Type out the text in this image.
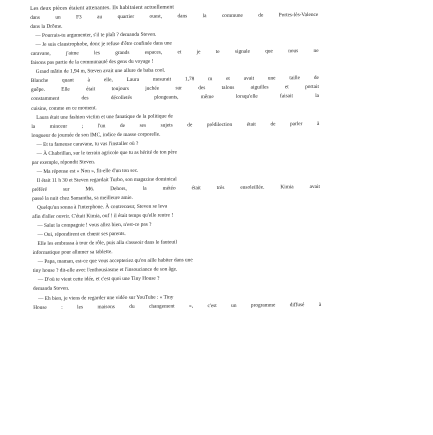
Les deux pièces étaient attenantes. Ils habitaient actuellement
dans un F3 au quartier ouest, dans la commune de Portes-lès-Valence
dans la Drôme.
— Pourrais-tu argumenter, s'il te plaît ? demanda Steven.
— Je suis claustrophobe, donc je refuse d'être confinée dans une
caravane, j'aime les grands espaces, et je te signale que nous ne
faisons pas partie de la communauté des gens du voyage !
Grand mâtin de 1,94 m, Steven avait une allure de baba cool.
Blanche quant à elle, Laura mesurait 1,78 m et avait une taille de
guêpe. Elle était toujours juchée sur des talons aiguilles et portait
constamment des décolletés plongeants, même lorsqu'elle faisait la
cuisine, comme en ce moment.
Laura était une fashion victim et une fanatique de la politique de
la minceur ; l'un de ses sujets de prédilection était de parler à
longueur de journée de son IMC, indice de masse corporelle.
— Et ta fameuse caravane, tu vas l'installer où ?
— À Chabrillan, sur le terrain agricole que tu as hérité de ton père
par exemple, répondit Steven.
— Ma réponse est « Non », fit-elle d'un ton sec.
Il était 11 h 30 et Steven regardait Turbo, son magazine dominical
préféré sur M6. Dehors, la météo était très ensoleillée. Kimia avait
passé la nuit chez Samantha, sa meilleure amie.
Quelqu'un sonna à l'interphone. À contrecœur, Steven se leva
afin d'aller ouvrir. C'était Kimia, ouf ! il était temps qu'elle rentre !
— Salut la compagnie ! vous allez bien, n'est-ce pas ?
— Oui, répondirent en chœur ses parents.
Elle les embrassa à tour de rôle, puis alla s'asseoir dans le fauteuil
informatique pour allumer sa tablette.
— Papa, maman, est-ce que vous accepteriez qu'on aille habiter dans une
tiny house ? dit-elle avec l'enthousiasme et l'insouciance de son âge.
— D'où te vient cette idée, et c'est quoi une Tiny House ?
demanda Steven.
— Eh bien, je viens de regarder une vidéo sur YouTube : « Tiny
House : les maisons du changement », c'est un programme diffusé à
